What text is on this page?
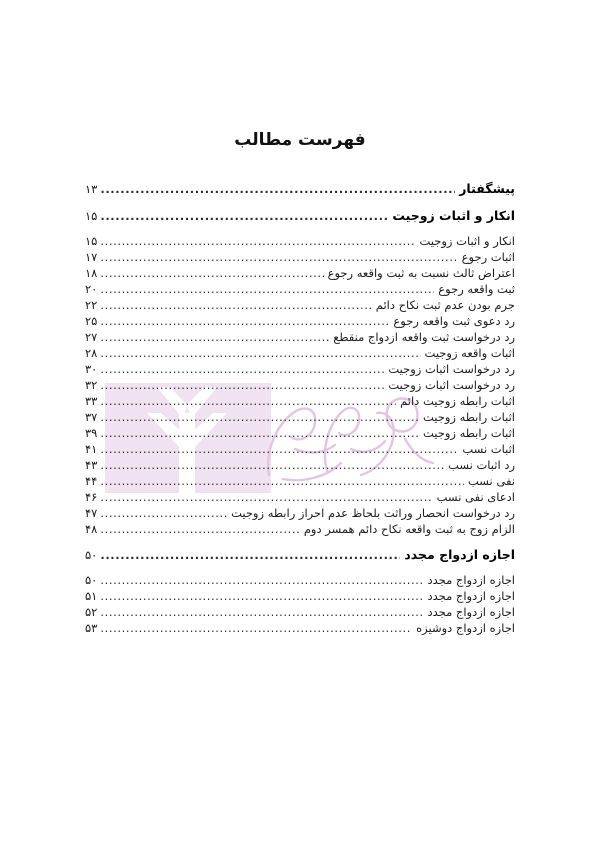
فهرست مطالب
پیشگفتار
.....
۱۳
انکار و اثبات زوجیت
.....
۱۵
انکار و اثبات زوجیت
.....
۱۵
اثبات رجوع
.....
۱۷
اعتراض ثالث نسبت به ثبت واقعه رجوع
.....
۱۸
ثبت واقعه رجوع
.....
۲۰
جرم بودن عدم ثبت نکاح دائم
.....
۲۲
رد دعوی ثبت واقعه رجوع
.....
۲۵
رد درخواست ثبت واقعه ازدواج منقطع
.....
۲۷
اثبات واقعه زوجیت
.....
۲۸
رد درخواست اثبات زوجیت
.....
۳۰
رد درخواست اثبات زوجیت
.....
۳۲
اثبات رابطه زوجیت دائم
.....
۳۳
اثبات رابطه زوجیت
.....
۳۷
اثبات رابطه زوجیت
.....
۳۹
اثبات نسب
.....
۴۱
رد اثبات نسب
.....
۴۳
نفی نسب
.....
۴۴
ادعای نفی نسب
.....
۴۶
رد درخواست انحصار وراثت بلحاظ عدم احراز رابطه زوجیت
.....
۴۷
الزام زوج به ثبت واقعه نکاح دائم همسر دوم
.....
۴۸
اجازه ازدواج مجدد
.....
۵۰
اجازه ازدواج مجدد
.....
۵۰
اجازه ازدواج مجدد
.....
۵۱
اجازه ازدواج مجدد
.....
۵۲
اجازه ازدواج دوشیزه
.....
۵۳
